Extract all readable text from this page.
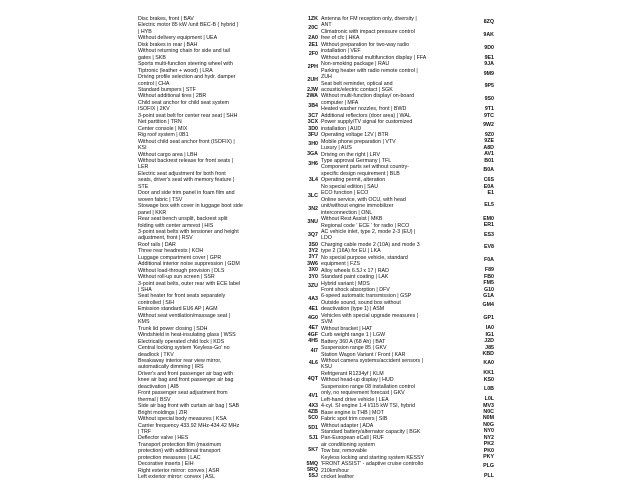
Disc brakes, front | BAV
Electric motor 85 kW /unit BEC-B ( hybrid )
| HYB
Without delivery equipment | UEA
Disk brakes in rear | BAH
Without returning chain for side and tail
gates | SKB
Sports multi-function steering wheel with
Tiptronic (leather + wood) | LRA
Driving profile selection and hydr. damper
control | CHA
Standard bumpers | STF
Without additional tires | 2BR
Child seat anchor for child seat system
ISOFIX | 2KV
3-point seat belt for center rear seat | SHH
Net partition | TRN
Center console | MIX
Rig roof system | 0B1
Without child seat anchor front (ISOFIX) |
KSI
Without cargo area | LBH
Without backrest release for front seats |
LER
Electric seat adjustment for both front
seats, driver's seat with memory feature |
STE
Door and side trim panel in foam film and
woven fabric | TSV
Stowage box with cover in luggage boot side
panel | KKR
Rear seat bench unsplit, backrest split
folding with center armrest | HIS
3-point seat belts with tensioner and height
adjustment, front | RSV
Roof rails | DAR
Three rear headrests | KOH
Luggage compartment cover | GPR
Additional interior noise suppression | GDM
Without load-through provision | DLS
Without roll-up sun screen | SSR
3-point seat belts, outer rear with ECE label
| SHA
Seat heater for front seats separately
controlled | SIH
Emission standard EU6 AP | AGM
Without seat ventilation/massage seat |
KMS
Trunk lid power closing | SDH
Windshield in heat-insulating glass | WSS
Electrically operated child lock | KDS
Central locking system 'Keyless-Go' no
deadlock | TKV
Breakaway interior rear view mirror,
automatically dimming | IRS
Driver's and front passenger air bag with
knee air bag and front passenger air bag
deactivation | AIB
Front passenger seat adjustment from
thermal | BSV
Side air bag front with curtain air bag | SAB
Bright moldings | ZIR
Without special body measures | KSA
Carrier frequency 433.92 MHz-434.42 MHz
| TRF
Deflector valve | HES
Transport protection film (maximum
protection) with additional transport
protection measures | LAC
Decorative inserts | EIH
Right exterior mirror: convex | ASR
Left exterior mirror: convex | ASL
1ZK
20C
2A0
2E1
2F0
2PH
2UH
2JW
2WA
3B4
3C7
3CX
3D0
3FU
3H0
3GA
3H6
3L4
3LC
3N2
3NU
3Q7
3S0
3Y2
3Y7
3W6
3X0
3Y0
3ZU
4A3
4E1
4G0
4E7
4GF
4H5
4I7
4L6
4QT
4V1
4X3
4ZB
5C0
5D1
5J1
5K7
5MQ
5RQ
5SJ
Antenna for FM reception only, diversity |
ANT
Climatronic with impact pressure control
free of cfc | HKA
Without preparation for two-way radio
installation | VEF
Without additional multifunction display | FFA
Non-smoking package | RAU
Parking heater with radio remote control |
ZUH
Seat belt reminder, optical and
acoustic/electric contact | SGK
Without multi-function display/ on-board
computer | MFA
Heated washer nozzles, front | BWD
Additional reflectors (door area) | WAL
Power supply/TV signal for customized
installation | AUD
Operating voltage 12V | BTR
Mobile phone preparation | VTV
Luxury | AUS
Driving on the right | LRV
Type approval Germany | TFL
Component parts set without country-
specific design requirement | BLB
Operating permit, alteration
No special edition | SAU
ECO function | ECO
Online service, with OCU, with head
unit/without engine immobilizer
interconnection | ONL
Without Rest Assist | MKB
Regional code ' ECE ' for radio | RCO
AC vehicle inlet, type 2, mode 2-3 (EU) |
LDO
Charging cable mode 2 (10A) and mode 3
type 2 (16A) for EU | LKA
No special purpose vehicle, standard
equipment | FZS
Alloy wheels 6.5J x 17 | RAD
Standard paint coating | LAK
Hybrid variant | MDS
Front shock absorption | DFV
6-speed automatic transmission | GSP
Outside sound, sound box without
deactivation (type 1) | ASM
Vehicles with special upgrade measures |
SVM
Without bracket | HAT
Curb weight range 1 | LGW
Battery 360 A (68 Ah) | BAT
Suspension range 85 | GKV
Station Wagon Variant / Front | KAR
Without camera systems/accident sensors |
KSU
Refrigerant R1234yf | KLM
Without head-up display | HUD
Suspension range 08 installation control
only, no requirement forecast | GKV
Left-hand drive vehicle | LEA
4-cyl. SI engine 1.4 l/115 kW TSI, hybrid
Base engine is THB | MOT
Fabric spot trim covers | SIB
Without adapter | ADA
Standard battery/alternator capacity | BGK
Pan-European eCall | RUF
air conditioning system
Tow bar, removable
Keyless locking and starting system KESSY
'FRONT ASSIST' - adaptive cruise controlto
210km/hour
cricket leather
8ZQ
9AK
9D0
9E1
9JA
9M9
9P5
9S0
9T1
9TC
9W2
9Z0
9ZE
A8D
AV1
B01
B0A
C6S
E0A
E1
EL5
EM0
ER1
ES3
EV8
F0A
F89
FB0
FM5
G10
G1A
GM4
GP1
IA0
IG1
J2D
J85
KBD
KA0
KK1
KS0
L0B
L0L
MV3
N0C
N0M
N0G
NY0
NY2
PK2
PK0
PKY
PLG
PLL
